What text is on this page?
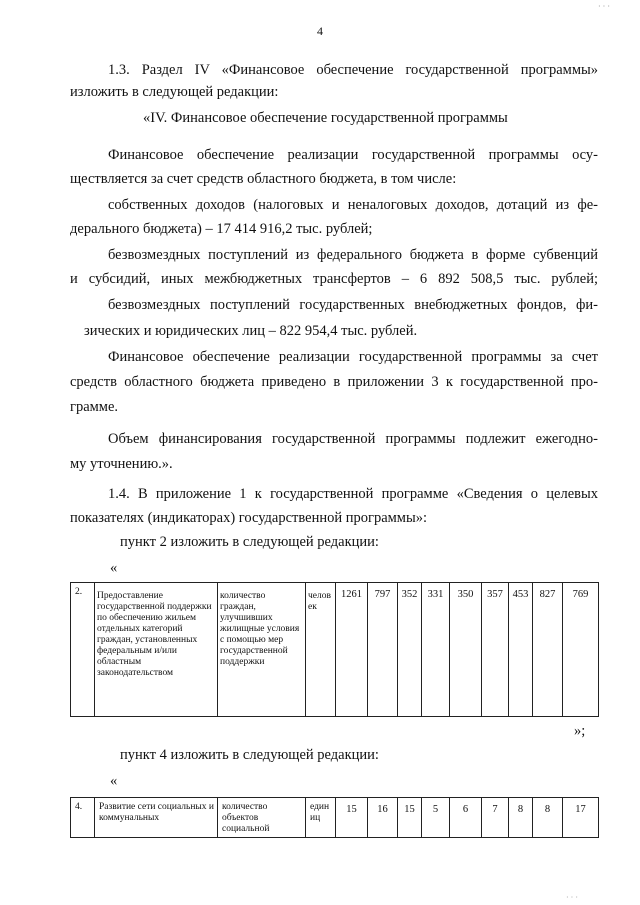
· · ·
4
1.3. Раздел IV «Финансовое обеспечение государственной программы»
изложить в следующей редакции:
«IV. Финансовое обеспечение государственной программы
Финансовое обеспечение реализации государственной программы осу-
ществляется за счет средств областного бюджета, в том числе:
собственных доходов (налоговых и неналоговых доходов, дотаций из фе-
дерального бюджета) – 17 414 916,2 тыс. рублей;
безвозмездных поступлений из федерального бюджета в форме субвенций
и субсидий, иных межбюджетных трансфертов – 6 892 508,5 тыс. рублей;
безвозмездных поступлений государственных внебюджетных фондов, фи-
зических и юридических лиц – 822 954,4 тыс. рублей.
Финансовое обеспечение реализации государственной программы за счет
средств областного бюджета приведено в приложении 3 к государственной про-
грамме.
Объем финансирования государственной программы подлежит ежегодно-
му уточнению.».
1.4. В приложение 1 к государственной программе «Сведения о целевых
показателях (индикаторах) государственной программы»:
пункт 2 изложить в следующей редакции:
«
2.	Предоставление государственной поддержки по обеспечению жильем отдельных категорий граждан, установленных федеральным и/или областным законодательством	количество граждан, улучшивших жилищные условия с помощью мер государственной поддержки	человек	1261	797	352	331	350	357	453	827	769
»;
пункт 4 изложить в следующей редакции:
«
4.	Развитие сети социальных и коммунальных	количество объектов социальной	единиц	15	16	15	5	6	7	8	8	17
· · ·
